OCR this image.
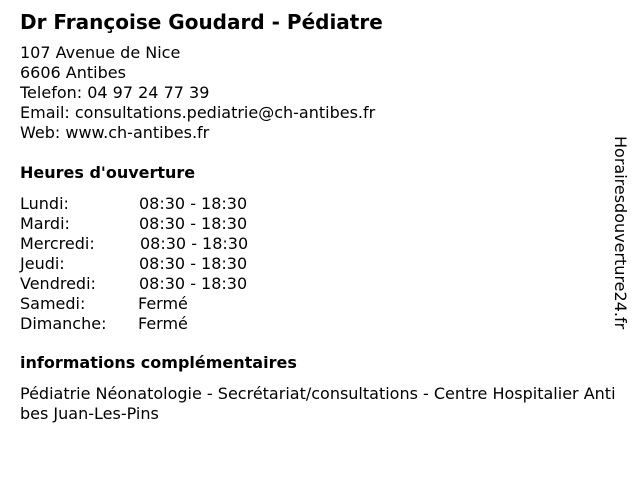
Dr Françoise Goudard - Pédiatre
107 Avenue de Nice
6606 Antibes
Telefon: 04 97 24 77 39
Email: consultations.pediatrie@ch-antibes.fr
Web: www.ch-antibes.fr
Heures d'ouverture
Lundi:	08:30 - 18:30
Mardi:	08:30 - 18:30
Mercredi:	08:30 - 18:30
Jeudi:	08:30 - 18:30
Vendredi:	08:30 - 18:30
Samedi:	Fermé
Dimanche: Fermé
informations complémentaires
Pédiatrie Néonatologie - Secrétariat/consultations - Centre Hospitalier Antibes Juan-Les-Pins
Horairesdouverture24.fr
